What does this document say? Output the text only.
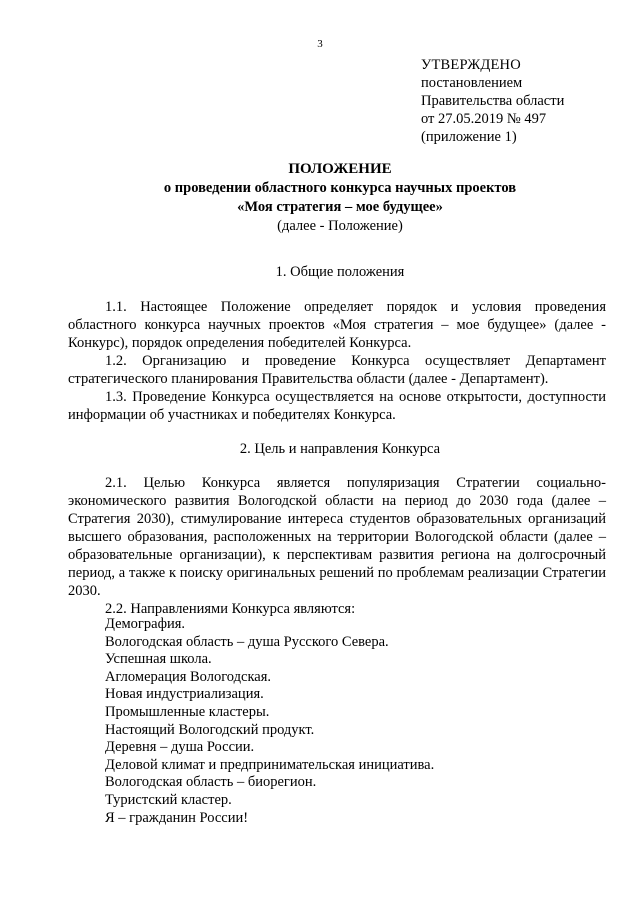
3
УТВЕРЖДЕНО
постановлением
Правительства области
от 27.05.2019 № 497
(приложение 1)
ПОЛОЖЕНИЕ
о проведении областного конкурса научных проектов
«Моя стратегия – мое будущее»
(далее - Положение)
1. Общие положения

1.1. Настоящее Положение определяет порядок и условия проведения областного конкурса научных проектов «Моя стратегия – мое будущее» (далее - Конкурс), порядок определения победителей Конкурса.

1.2. Организацию и проведение Конкурса осуществляет Департамент стратегического планирования Правительства области (далее - Департамент).

1.3. Проведение Конкурса осуществляется на основе открытости, доступности информации об участниках и победителях Конкурса.

2. Цель и направления Конкурса

2.1. Целью Конкурса является популяризация Стратегии социально-экономического развития Вологодской области на период до 2030 года (далее – Стратегия 2030), стимулирование интереса студентов образовательных организаций высшего образования, расположенных на территории Вологодской области (далее – образовательные организации), к перспективам развития региона на долгосрочный период, а также к поиску оригинальных решений по проблемам реализации Стратегии 2030.

2.2. Направлениями Конкурса являются:

Демография.
Вологодская область – душа Русского Севера.
Успешная школа.
Агломерация Вологодская.
Новая индустриализация.
Промышленные кластеры.
Настоящий Вологодский продукт.
Деревня – душа России.
Деловой климат и предпринимательская инициатива.
Вологодская область – биорегион.
Туристский кластер.
Я – гражданин России!
